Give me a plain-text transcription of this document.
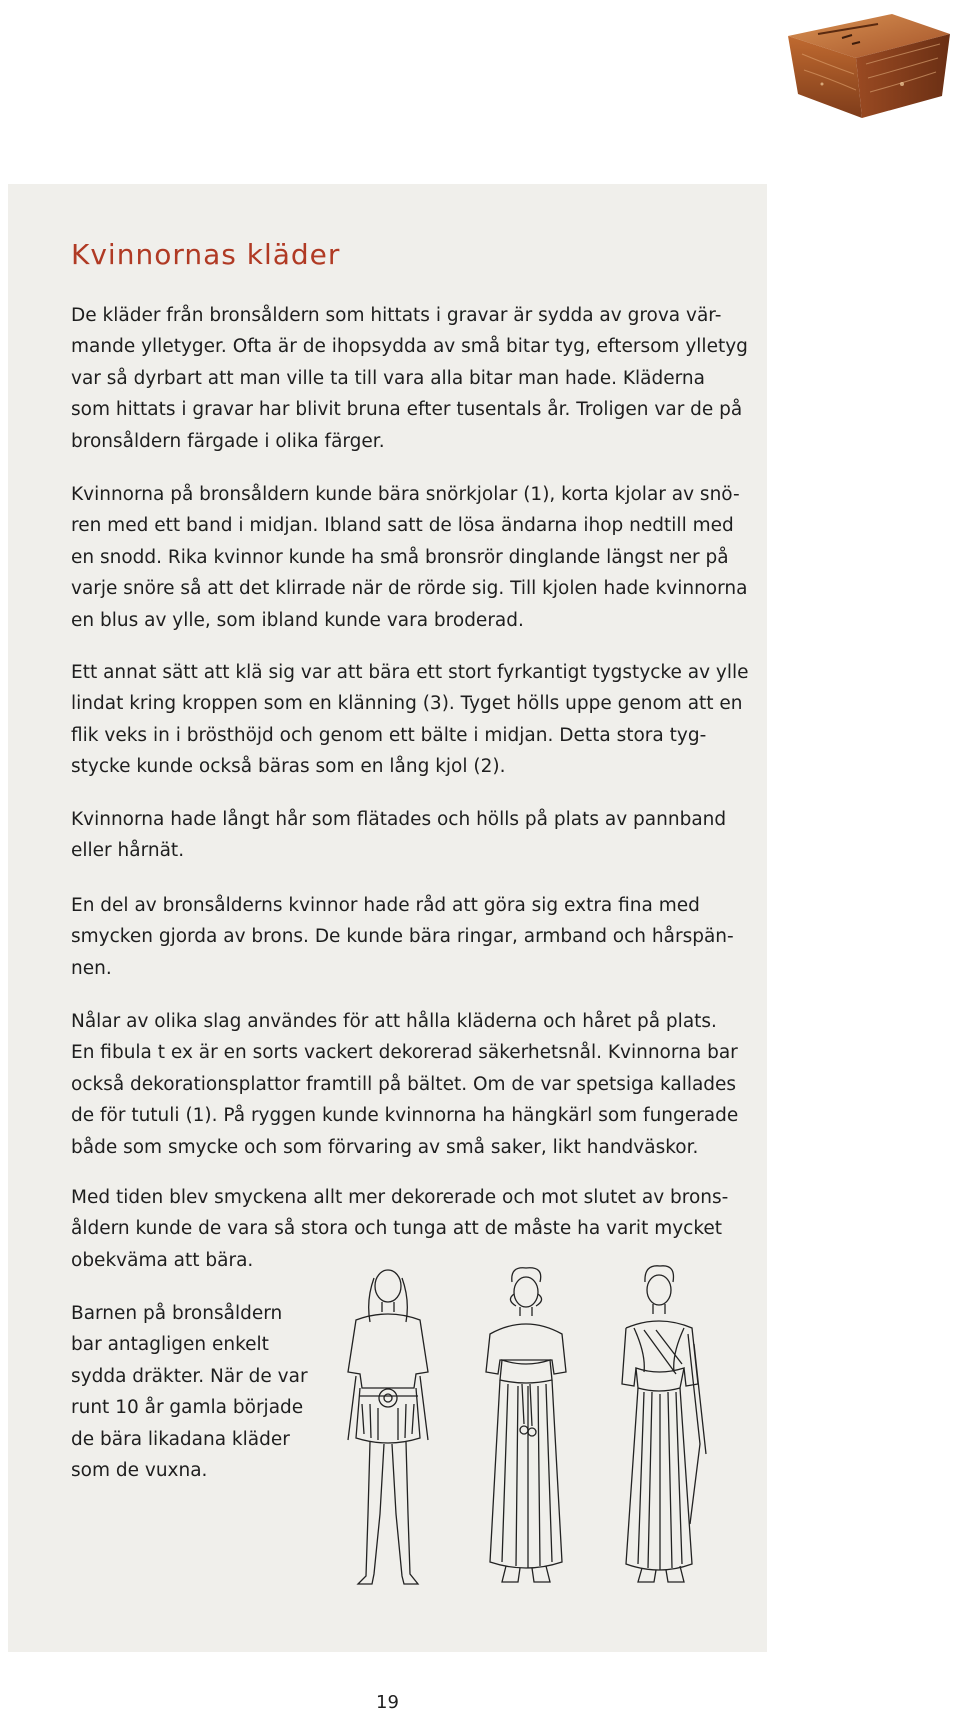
Kvinnornas kläder

De kläder från bronsåldern som hittats i gravar är sydda av grova vär-
mande ylletyger. Ofta är de ihopsydda av små bitar tyg, eftersom ylletyg
var så dyrbart att man ville ta till vara alla bitar man hade. Kläderna
som hittats i gravar har blivit bruna efter tusentals år. Troligen var de på
bronsåldern färgade i olika färger.

Kvinnorna på bronsåldern kunde bära snörkjolar (1), korta kjolar av snö-
ren med ett band i midjan. Ibland satt de lösa ändarna ihop nedtill med
en snodd. Rika kvinnor kunde ha små bronsrör dinglande längst ner på
varje snöre så att det klirrade när de rörde sig. Till kjolen hade kvinnorna
en blus av ylle, som ibland kunde vara broderad.

Ett annat sätt att klä sig var att bära ett stort fyrkantigt tygstycke av ylle
lindat kring kroppen som en klänning (3). Tyget hölls uppe genom att en
flik veks in i brösthöjd och genom ett bälte i midjan. Detta stora tyg-
stycke kunde också bäras som en lång kjol (2).

Kvinnorna hade långt hår som flätades och hölls på plats av pannband
eller hårnät.

En del av bronsålderns kvinnor hade råd att göra sig extra fina med
smycken gjorda av brons. De kunde bära ringar, armband och hårspän-
nen.

Nålar av olika slag användes för att hålla kläderna och håret på plats.
En fibula t ex är en sorts vackert dekorerad säkerhetsnål. Kvinnorna bar
också dekorationsplattor framtill på bältet. Om de var spetsiga kallades
de för tutuli (1). På ryggen kunde kvinnorna ha hängkärl som fungerade
både som smycke och som förvaring av små saker, likt handväskor.

Med tiden blev smyckena allt mer dekorerade och mot slutet av brons-
åldern kunde de vara så stora och tunga att de måste ha varit mycket
obekväma att bära.

Barnen på bronsåldern
bar antagligen enkelt
sydda dräkter. När de var
runt 10 år gamla började
de bära likadana kläder
som de vuxna.

19
